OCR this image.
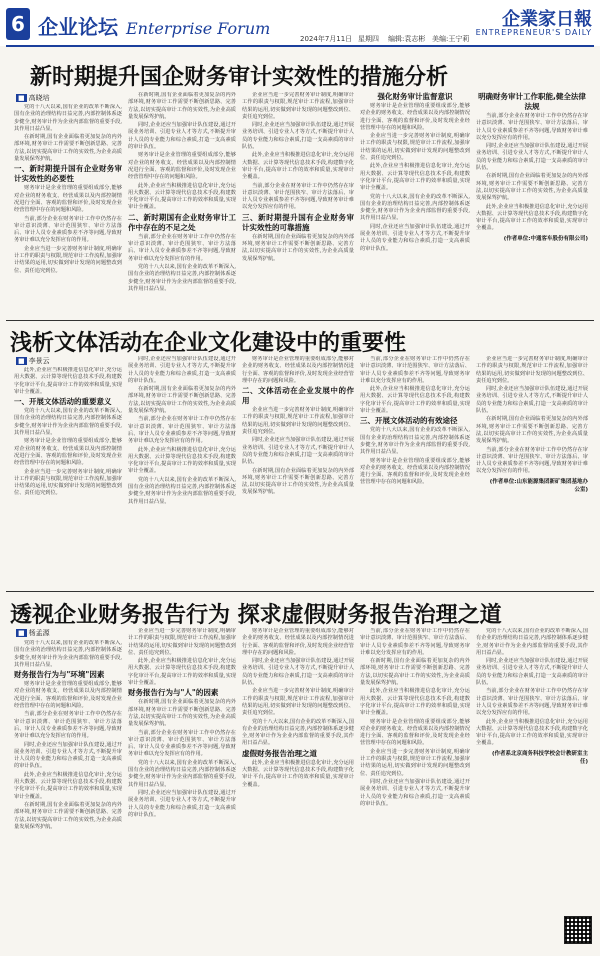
6 企业论坛 Enterprise Forum
2024年7月11日 星期四 编辑:袁志彬 美编:王宁莉
企業家日報
ENTREPRENEUR'S DAILY
新时期提升国企财务审计实效性的措施分析
■ 高晓培

党的十八大以来,国有企业的改革不断深入,国有企业的治理结构日益完善,内部控制体系逐步健全,财务审计作为企业内部监督的重要手段,其作用日益凸显。

在新时期,国有企业面临着更加复杂的内外部环境,财务审计工作需要不断创新思路、完善方法,以切实提高审计工作的实效性,为企业高质量发展保驾护航。

一、新时期提升国有企业财务审计实效性的必要性

财务审计是企业管理的重要组成部分,能够对企业的财务收支、经营成果以及内部控制情况进行全面、客观的监督和评价,及时发现企业经营管理中存在的问题和风险。

当前,部分企业在财务审计工作中仍然存在审计意识淡薄、审计范围狭窄、审计方法落后、审计人员专业素质参差不齐等问题,导致财务审计难以充分发挥应有的作用。

企业应当进一步完善财务审计制度,明确审计工作的职责与权限,规范审计工作流程,加强审计结果的运用,切实做到审计发现的问题整改到位、责任追究到位。

在新时期,国有企业面临着更加复杂的内外部环境,财务审计工作需要不断创新思路、完善方法,以切实提高审计工作的实效性,为企业高质量发展保驾护航。

同时,企业还应当加强审计队伍建设,通过开展业务培训、引进专业人才等方式,不断提升审计人员的专业能力和综合素质,打造一支高素质的审计队伍。

财务审计是企业管理的重要组成部分,能够对企业的财务收支、经营成果以及内部控制情况进行全面、客观的监督和评价,及时发现企业经营管理中存在的问题和风险。

此外,企业应当积极推进信息化审计,充分运用大数据、云计算等现代信息技术手段,构建数字化审计平台,提高审计工作的效率和质量,实现审计全覆盖。

二、新时期国有企业财务审计工作中存在的不足之处

当前,部分企业在财务审计工作中仍然存在审计意识淡薄、审计范围狭窄、审计方法落后、审计人员专业素质参差不齐等问题,导致财务审计难以充分发挥应有的作用。

党的十八大以来,国有企业的改革不断深入,国有企业的治理结构日益完善,内部控制体系逐步健全,财务审计作为企业内部监督的重要手段,其作用日益凸显。

企业应当进一步完善财务审计制度,明确审计工作的职责与权限,规范审计工作流程,加强审计结果的运用,切实做到审计发现的问题整改到位、责任追究到位。

同时,企业还应当加强审计队伍建设,通过开展业务培训、引进专业人才等方式,不断提升审计人员的专业能力和综合素质,打造一支高素质的审计队伍。

此外,企业应当积极推进信息化审计,充分运用大数据、云计算等现代信息技术手段,构建数字化审计平台,提高审计工作的效率和质量,实现审计全覆盖。

当前,部分企业在财务审计工作中仍然存在审计意识淡薄、审计范围狭窄、审计方法落后、审计人员专业素质参差不齐等问题,导致财务审计难以充分发挥应有的作用。

三、新时期提升国有企业财务审计实效性的可靠措施

在新时期,国有企业面临着更加复杂的内外部环境,财务审计工作需要不断创新思路、完善方法,以切实提高审计工作的实效性,为企业高质量发展保驾护航。

强化财务审计监督意识

财务审计是企业管理的重要组成部分,能够对企业的财务收支、经营成果以及内部控制情况进行全面、客观的监督和评价,及时发现企业经营管理中存在的问题和风险。

企业应当进一步完善财务审计制度,明确审计工作的职责与权限,规范审计工作流程,加强审计结果的运用,切实做到审计发现的问题整改到位、责任追究到位。

此外,企业应当积极推进信息化审计,充分运用大数据、云计算等现代信息技术手段,构建数字化审计平台,提高审计工作的效率和质量,实现审计全覆盖。

党的十八大以来,国有企业的改革不断深入,国有企业的治理结构日益完善,内部控制体系逐步健全,财务审计作为企业内部监督的重要手段,其作用日益凸显。

同时,企业还应当加强审计队伍建设,通过开展业务培训、引进专业人才等方式,不断提升审计人员的专业能力和综合素质,打造一支高素质的审计队伍。

明确财务审计工作职能,健全法律法规

当前,部分企业在财务审计工作中仍然存在审计意识淡薄、审计范围狭窄、审计方法落后、审计人员专业素质参差不齐等问题,导致财务审计难以充分发挥应有的作用。

同时,企业还应当加强审计队伍建设,通过开展业务培训、引进专业人才等方式,不断提升审计人员的专业能力和综合素质,打造一支高素质的审计队伍。

在新时期,国有企业面临着更加复杂的内外部环境,财务审计工作需要不断创新思路、完善方法,以切实提高审计工作的实效性,为企业高质量发展保驾护航。

此外,企业应当积极推进信息化审计,充分运用大数据、云计算等现代信息技术手段,构建数字化审计平台,提高审计工作的效率和质量,实现审计全覆盖。

(作者单位:中通客车股份有限公司)

浅析文体活动在企业文化建设中的重要性
■ 李景云

此外,企业应当积极推进信息化审计,充分运用大数据、云计算等现代信息技术手段,构建数字化审计平台,提高审计工作的效率和质量,实现审计全覆盖。

一、开展文体活动的重要意义

党的十八大以来,国有企业的改革不断深入,国有企业的治理结构日益完善,内部控制体系逐步健全,财务审计作为企业内部监督的重要手段,其作用日益凸显。

财务审计是企业管理的重要组成部分,能够对企业的财务收支、经营成果以及内部控制情况进行全面、客观的监督和评价,及时发现企业经营管理中存在的问题和风险。

企业应当进一步完善财务审计制度,明确审计工作的职责与权限,规范审计工作流程,加强审计结果的运用,切实做到审计发现的问题整改到位、责任追究到位。

同时,企业还应当加强审计队伍建设,通过开展业务培训、引进专业人才等方式,不断提升审计人员的专业能力和综合素质,打造一支高素质的审计队伍。

在新时期,国有企业面临着更加复杂的内外部环境,财务审计工作需要不断创新思路、完善方法,以切实提高审计工作的实效性,为企业高质量发展保驾护航。

当前,部分企业在财务审计工作中仍然存在审计意识淡薄、审计范围狭窄、审计方法落后、审计人员专业素质参差不齐等问题,导致财务审计难以充分发挥应有的作用。

此外,企业应当积极推进信息化审计,充分运用大数据、云计算等现代信息技术手段,构建数字化审计平台,提高审计工作的效率和质量,实现审计全覆盖。

党的十八大以来,国有企业的改革不断深入,国有企业的治理结构日益完善,内部控制体系逐步健全,财务审计作为企业内部监督的重要手段,其作用日益凸显。

财务审计是企业管理的重要组成部分,能够对企业的财务收支、经营成果以及内部控制情况进行全面、客观的监督和评价,及时发现企业经营管理中存在的问题和风险。

二、文体活动在企业发展中的作用

企业应当进一步完善财务审计制度,明确审计工作的职责与权限,规范审计工作流程,加强审计结果的运用,切实做到审计发现的问题整改到位、责任追究到位。

同时,企业还应当加强审计队伍建设,通过开展业务培训、引进专业人才等方式,不断提升审计人员的专业能力和综合素质,打造一支高素质的审计队伍。

在新时期,国有企业面临着更加复杂的内外部环境,财务审计工作需要不断创新思路、完善方法,以切实提高审计工作的实效性,为企业高质量发展保驾护航。

当前,部分企业在财务审计工作中仍然存在审计意识淡薄、审计范围狭窄、审计方法落后、审计人员专业素质参差不齐等问题,导致财务审计难以充分发挥应有的作用。

此外,企业应当积极推进信息化审计,充分运用大数据、云计算等现代信息技术手段,构建数字化审计平台,提高审计工作的效率和质量,实现审计全覆盖。

三、开展文体活动的有效途径

党的十八大以来,国有企业的改革不断深入,国有企业的治理结构日益完善,内部控制体系逐步健全,财务审计作为企业内部监督的重要手段,其作用日益凸显。

财务审计是企业管理的重要组成部分,能够对企业的财务收支、经营成果以及内部控制情况进行全面、客观的监督和评价,及时发现企业经营管理中存在的问题和风险。

企业应当进一步完善财务审计制度,明确审计工作的职责与权限,规范审计工作流程,加强审计结果的运用,切实做到审计发现的问题整改到位、责任追究到位。

同时,企业还应当加强审计队伍建设,通过开展业务培训、引进专业人才等方式,不断提升审计人员的专业能力和综合素质,打造一支高素质的审计队伍。

在新时期,国有企业面临着更加复杂的内外部环境,财务审计工作需要不断创新思路、完善方法,以切实提高审计工作的实效性,为企业高质量发展保驾护航。

当前,部分企业在财务审计工作中仍然存在审计意识淡薄、审计范围狭窄、审计方法落后、审计人员专业素质参差不齐等问题,导致财务审计难以充分发挥应有的作用。

(作者单位:山东能源集团新矿集团基地办公室)

透视企业财务报告行为 探求虚假财务报告治理之道
■ 杨孟源

党的十八大以来,国有企业的改革不断深入,国有企业的治理结构日益完善,内部控制体系逐步健全,财务审计作为企业内部监督的重要手段,其作用日益凸显。

财务报告行为与"环境"因素

财务审计是企业管理的重要组成部分,能够对企业的财务收支、经营成果以及内部控制情况进行全面、客观的监督和评价,及时发现企业经营管理中存在的问题和风险。

当前,部分企业在财务审计工作中仍然存在审计意识淡薄、审计范围狭窄、审计方法落后、审计人员专业素质参差不齐等问题,导致财务审计难以充分发挥应有的作用。

同时,企业还应当加强审计队伍建设,通过开展业务培训、引进专业人才等方式,不断提升审计人员的专业能力和综合素质,打造一支高素质的审计队伍。

此外,企业应当积极推进信息化审计,充分运用大数据、云计算等现代信息技术手段,构建数字化审计平台,提高审计工作的效率和质量,实现审计全覆盖。

在新时期,国有企业面临着更加复杂的内外部环境,财务审计工作需要不断创新思路、完善方法,以切实提高审计工作的实效性,为企业高质量发展保驾护航。

企业应当进一步完善财务审计制度,明确审计工作的职责与权限,规范审计工作流程,加强审计结果的运用,切实做到审计发现的问题整改到位、责任追究到位。

此外,企业应当积极推进信息化审计,充分运用大数据、云计算等现代信息技术手段,构建数字化审计平台,提高审计工作的效率和质量,实现审计全覆盖。

财务报告行为与"人"的因素

在新时期,国有企业面临着更加复杂的内外部环境,财务审计工作需要不断创新思路、完善方法,以切实提高审计工作的实效性,为企业高质量发展保驾护航。

当前,部分企业在财务审计工作中仍然存在审计意识淡薄、审计范围狭窄、审计方法落后、审计人员专业素质参差不齐等问题,导致财务审计难以充分发挥应有的作用。

党的十八大以来,国有企业的改革不断深入,国有企业的治理结构日益完善,内部控制体系逐步健全,财务审计作为企业内部监督的重要手段,其作用日益凸显。

同时,企业还应当加强审计队伍建设,通过开展业务培训、引进专业人才等方式,不断提升审计人员的专业能力和综合素质,打造一支高素质的审计队伍。

财务审计是企业管理的重要组成部分,能够对企业的财务收支、经营成果以及内部控制情况进行全面、客观的监督和评价,及时发现企业经营管理中存在的问题和风险。

同时,企业还应当加强审计队伍建设,通过开展业务培训、引进专业人才等方式,不断提升审计人员的专业能力和综合素质,打造一支高素质的审计队伍。

企业应当进一步完善财务审计制度,明确审计工作的职责与权限,规范审计工作流程,加强审计结果的运用,切实做到审计发现的问题整改到位、责任追究到位。

党的十八大以来,国有企业的改革不断深入,国有企业的治理结构日益完善,内部控制体系逐步健全,财务审计作为企业内部监督的重要手段,其作用日益凸显。

虚假财务报告治理之道

此外,企业应当积极推进信息化审计,充分运用大数据、云计算等现代信息技术手段,构建数字化审计平台,提高审计工作的效率和质量,实现审计全覆盖。

当前,部分企业在财务审计工作中仍然存在审计意识淡薄、审计范围狭窄、审计方法落后、审计人员专业素质参差不齐等问题,导致财务审计难以充分发挥应有的作用。

在新时期,国有企业面临着更加复杂的内外部环境,财务审计工作需要不断创新思路、完善方法,以切实提高审计工作的实效性,为企业高质量发展保驾护航。

此外,企业应当积极推进信息化审计,充分运用大数据、云计算等现代信息技术手段,构建数字化审计平台,提高审计工作的效率和质量,实现审计全覆盖。

财务审计是企业管理的重要组成部分,能够对企业的财务收支、经营成果以及内部控制情况进行全面、客观的监督和评价,及时发现企业经营管理中存在的问题和风险。

企业应当进一步完善财务审计制度,明确审计工作的职责与权限,规范审计工作流程,加强审计结果的运用,切实做到审计发现的问题整改到位、责任追究到位。

同时,企业还应当加强审计队伍建设,通过开展业务培训、引进专业人才等方式,不断提升审计人员的专业能力和综合素质,打造一支高素质的审计队伍。

党的十八大以来,国有企业的改革不断深入,国有企业的治理结构日益完善,内部控制体系逐步健全,财务审计作为企业内部监督的重要手段,其作用日益凸显。

同时,企业还应当加强审计队伍建设,通过开展业务培训、引进专业人才等方式,不断提升审计人员的专业能力和综合素质,打造一支高素质的审计队伍。

当前,部分企业在财务审计工作中仍然存在审计意识淡薄、审计范围狭窄、审计方法落后、审计人员专业素质参差不齐等问题,导致财务审计难以充分发挥应有的作用。

此外,企业应当积极推进信息化审计,充分运用大数据、云计算等现代信息技术手段,构建数字化审计平台,提高审计工作的效率和质量,实现审计全覆盖。

(作者系北京商务科技学校会计教研室主任)
